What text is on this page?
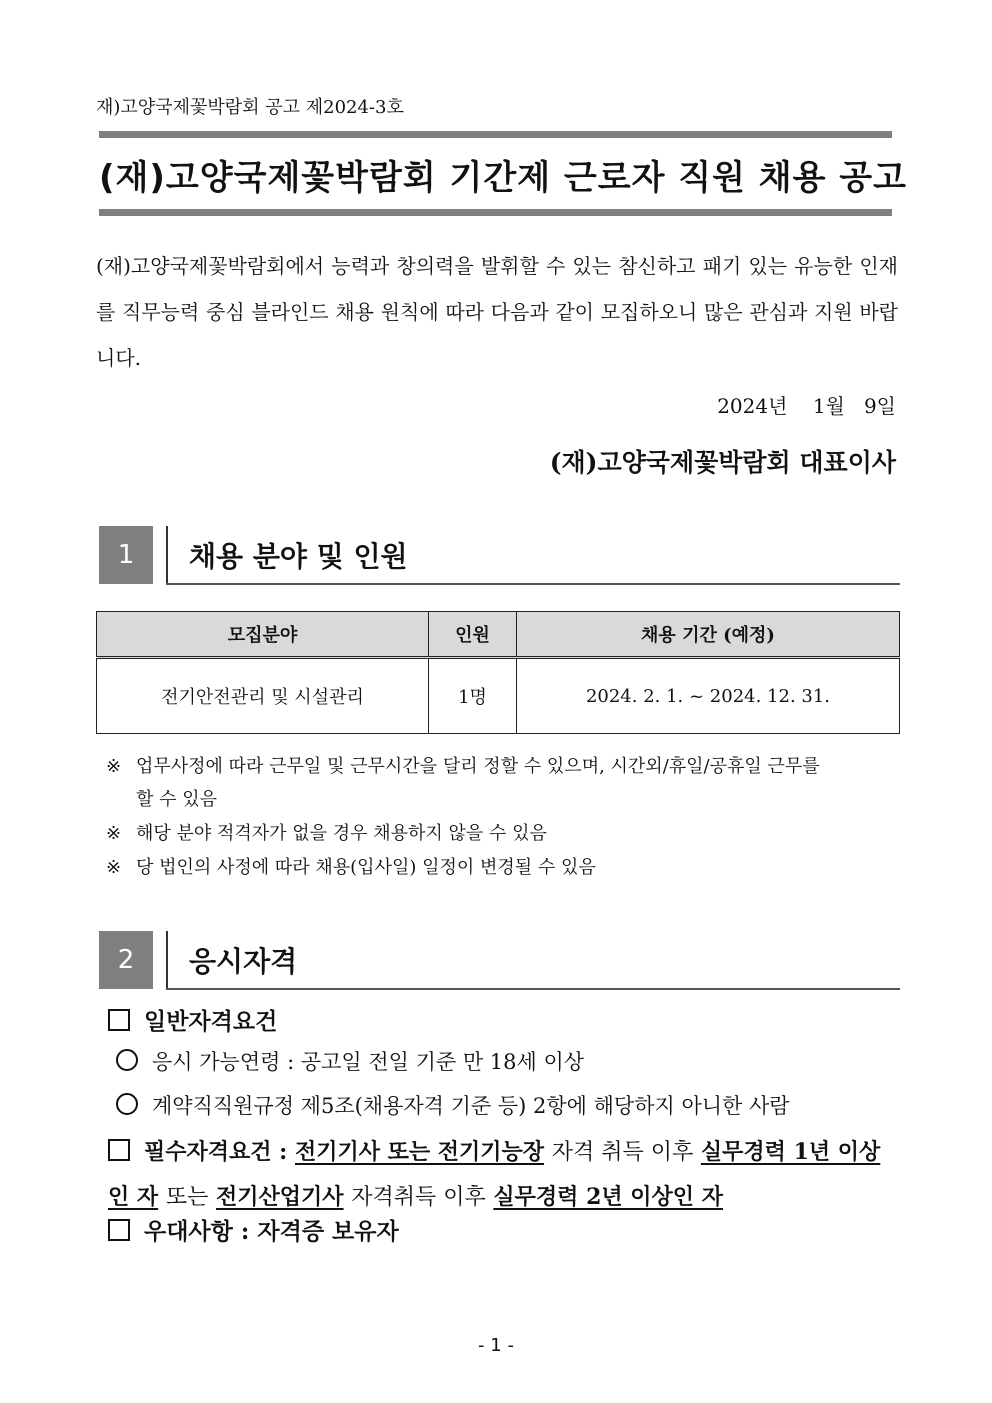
재)고양국제꽃박람회 공고 제2024-3호
(재)고양국제꽃박람회 기간제 근로자 직원 채용 공고

(재)고양국제꽃박람회에서 능력과 창의력을 발휘할 수 있는 참신하고 패기 있는 유능한 인재를 직무능력 중심 블라인드 채용 원칙에 따라 다음과 같이 모집하오니 많은 관심과 지원 바랍니다.

2024년    1월   9일
(재)고양국제꽃박람회 대표이사
1	채용 분야 및 인원
모집분야	인원	채용 기간 (예정)
전기안전관리 및 시설관리	1명	2024. 2. 1. ~ 2024. 12. 31.

※ 업무사정에 따라 근무일 및 근무시간을 달리 정할 수 있으며, 시간외/휴일/공휴일 근무를
할 수 있음

※ 해당 분야 적격자가 없을 경우 채용하지 않을 수 있음

※ 당 법인의 사정에 따라 채용(입사일) 일정이 변경될 수 있음

2	응시자격
일반자격요건
응시 가능연령 : 공고일 전일 기준 만 18세 이상
계약직직원규정 제5조(채용자격 기준 등) 2항에 해당하지 아니한 사람

필수자격요건 : 전기기사 또는 전기기능장 자격 취득 이후 실무경력 1년 이상인 자 또는 전기산업기사 자격취득 이후 실무경력 2년 이상인 자

우대사항 : 자격증 보유자
- 1 -
